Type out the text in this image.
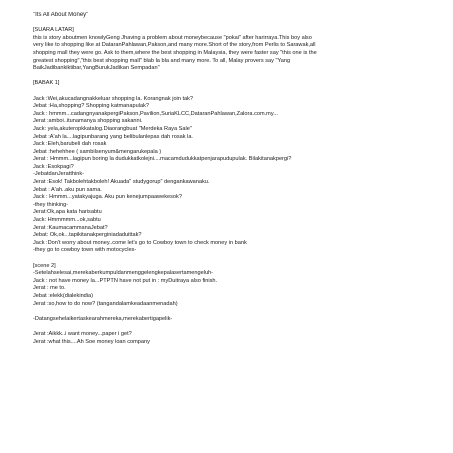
"Its All About Money"

[SUARA LATAR]

this is story aboutmen knowlyGeng Jhaving a problem about moneybecause "pokai" after harirraya.This boy also

very like to shopping like at DataranPahlawan,Pakson,and many more.Short of the story,from Perlis to Sarawak,all

shopping mall they were go. Ask to them,where the best shopping in Malaysia, they were faster say "this one is the

greatest shopping","this best shopping mall" blab la bla and many more. To all, Malay provers say "Yang

BaikJadibankiktibar,YangBurukJadikan Sempadan"

[BABAK 1]

Jack :Wei,akucadangnakkeluar shopping la. Korangnak join tak?

Jebat :Ha,shopping? Shopping katmanapulak?

Jack : hmmm...cadangnyanakpergiPakson,Pavilion,SuriaKLCC,DataranPahlawan,Zalora.com.my...

Jerat :amboi..itunamanya shopping sakanni.

Jack: yela,akuteropkkatalog.Diaorangbuat "Merdeka Raya Sale"

Jebat :A'ah la....lagipunbarang yang belibulanlepas dah rosak la.

Jack :Eleh,barubeli dah rosak

Jebat :hehehhee ( sambilsenyum&mengarukepala )

Jerat : Hmmm...lagipun boring la dudukkatkolejni....macamdudukkatpenjarapudupulak. Bilakitanakpergi?

Jack :Esokpagi?

-JebatdanJeratthink-

Jerat :Esok! Takbolehtakboleh! Akuada" studygorup" dengankawanaku.

Jebat : A'ah..aku pun sama.

Jack : Hmmm...yatakyajuga. Aku pun kenejumpaawekesok?

-they thinking-

Jerat:Ok,apa kata harisabtu

Jack: Hmmmmm...ok,sabtu

Jerat :KaumacammanaJebat?

Jebat: Ok,ok...tapikitanakperginiadaduittak?

Jack :Don't worry about money..come let's go to Cowboy town to check money in bank

-they go to cowboy town with motocycles-

[scene 2]

-Setelahselesai,merekaberkumpuldanmenggelengkepalasertamengeluh-

Jack : not have money la...PTPTN have not put in : myDuitraya also finish.

Jerat : me to.

Jebat :elekk(dialekindia)

Jerat :so,how to do now? (tangandalamkeadaanmenadah)

-Datangsehelaikertaskearahmereka,merekabertigapelik-

Jerat :Aikkk..i want money...paper i get?

Jerat :what this....Ah Soe money loan company
